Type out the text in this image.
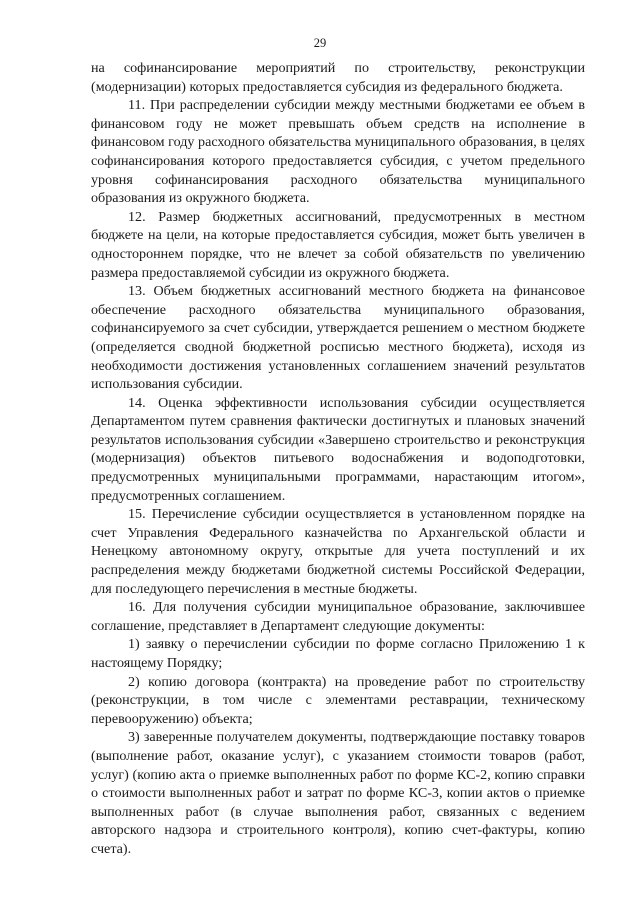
29

на софинансирование мероприятий по строительству, реконструкции (модернизации) которых предоставляется субсидия из федерального бюджета.

11. При распределении субсидии между местными бюджетами ее объем в финансовом году не может превышать объем средств на исполнение в финансовом году расходного обязательства муниципального образования, в целях софинансирования которого предоставляется субсидия, с учетом предельного уровня софинансирования расходного обязательства муниципального образования из окружного бюджета.

12. Размер бюджетных ассигнований, предусмотренных в местном бюджете на цели, на которые предоставляется субсидия, может быть увеличен в одностороннем порядке, что не влечет за собой обязательств по увеличению размера предоставляемой субсидии из окружного бюджета.

13. Объем бюджетных ассигнований местного бюджета на финансовое обеспечение расходного обязательства муниципального образования, софинансируемого за счет субсидии, утверждается решением о местном бюджете (определяется сводной бюджетной росписью местного бюджета), исходя из необходимости достижения установленных соглашением значений результатов использования субсидии.

14. Оценка эффективности использования субсидии осуществляется Департаментом путем сравнения фактически достигнутых и плановых значений результатов использования субсидии «Завершено строительство и реконструкция (модернизация) объектов питьевого водоснабжения и водоподготовки, предусмотренных муниципальными программами, нарастающим итогом», предусмотренных соглашением.

15. Перечисление субсидии осуществляется в установленном порядке на счет Управления Федерального казначейства по Архангельской области и Ненецкому автономному округу, открытые для учета поступлений и их распределения между бюджетами бюджетной системы Российской Федерации, для последующего перечисления в местные бюджеты.

16. Для получения субсидии муниципальное образование, заключившее соглашение, представляет в Департамент следующие документы:

1) заявку о перечислении субсидии по форме согласно Приложению 1 к настоящему Порядку;

2) копию договора (контракта) на проведение работ по строительству (реконструкции, в том числе с элементами реставрации, техническому перевооружению) объекта;

3) заверенные получателем документы, подтверждающие поставку товаров (выполнение работ, оказание услуг), с указанием стоимости товаров (работ, услуг) (копию акта о приемке выполненных работ по форме КС-2, копию справки о стоимости выполненных работ и затрат по форме КС-3, копии актов о приемке выполненных работ (в случае выполнения работ, связанных с ведением авторского надзора и строительного контроля), копию счет-фактуры, копию счета).
